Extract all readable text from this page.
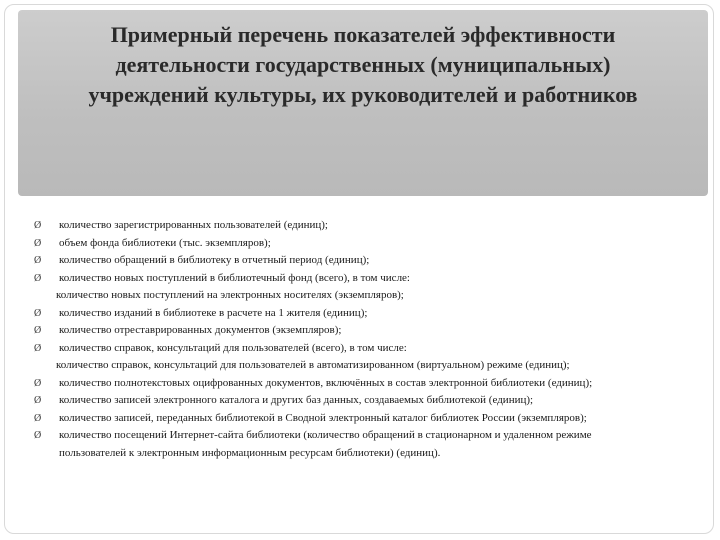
Примерный перечень показателей эффективности деятельности государственных (муниципальных) учреждений культуры, их руководителей и работников
Ø	количество зарегистрированных пользователей (единиц);
Ø	объем фонда библиотеки (тыс. экземпляров);
Ø	количество обращений в библиотеку в отчетный период (единиц);
Ø	количество новых поступлений в библиотечный фонд (всего), в том числе:
количество новых поступлений на электронных носителях (экземпляров);
Ø	количество изданий в библиотеке в расчете на 1 жителя (единиц);
Ø	количество отреставрированных документов (экземпляров);
Ø	количество справок, консультаций для пользователей (всего), в том числе:
количество справок, консультаций для пользователей в автоматизированном (виртуальном) режиме (единиц);
Ø	количество полнотекстовых оцифрованных документов, включённых в состав электронной библиотеки (единиц);
Ø	количество записей электронного каталога и других баз данных, создаваемых библиотекой (единиц);
Ø	количество записей, переданных библиотекой в Сводной электронный каталог библиотек России (экземпляров);
Ø	количество посещений Интернет-сайта библиотеки (количество обращений в стационарном и удаленном режиме
пользователей к электронным информационным ресурсам библиотеки) (единиц).
